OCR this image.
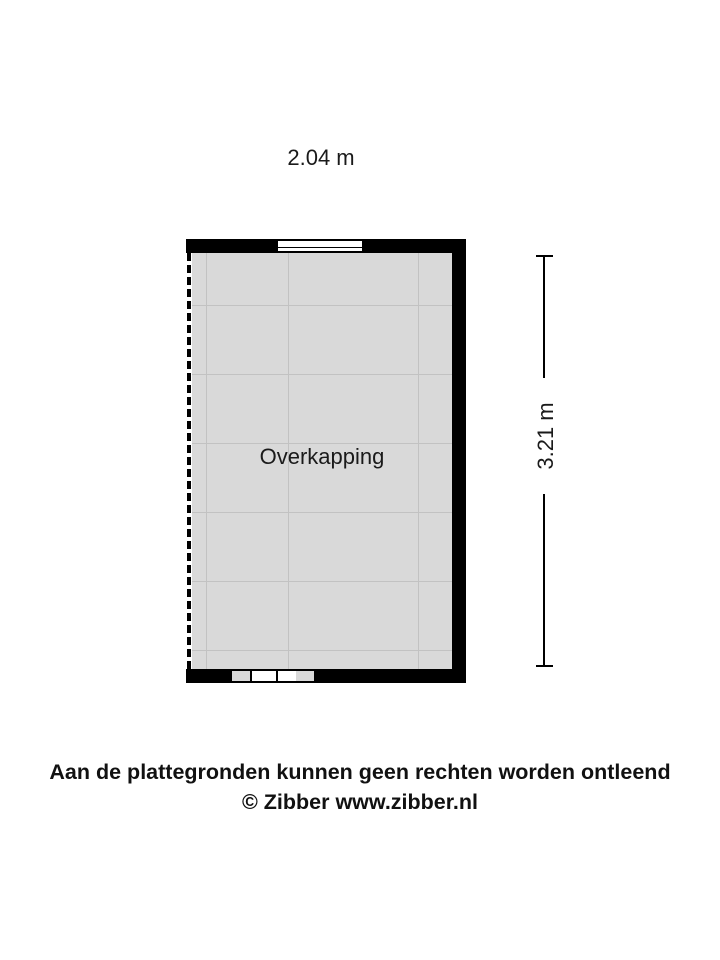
2.04 m
3.21 m
Overkapping
Aan de plattegronden kunnen geen rechten worden ontleend
© Zibber www.zibber.nl
